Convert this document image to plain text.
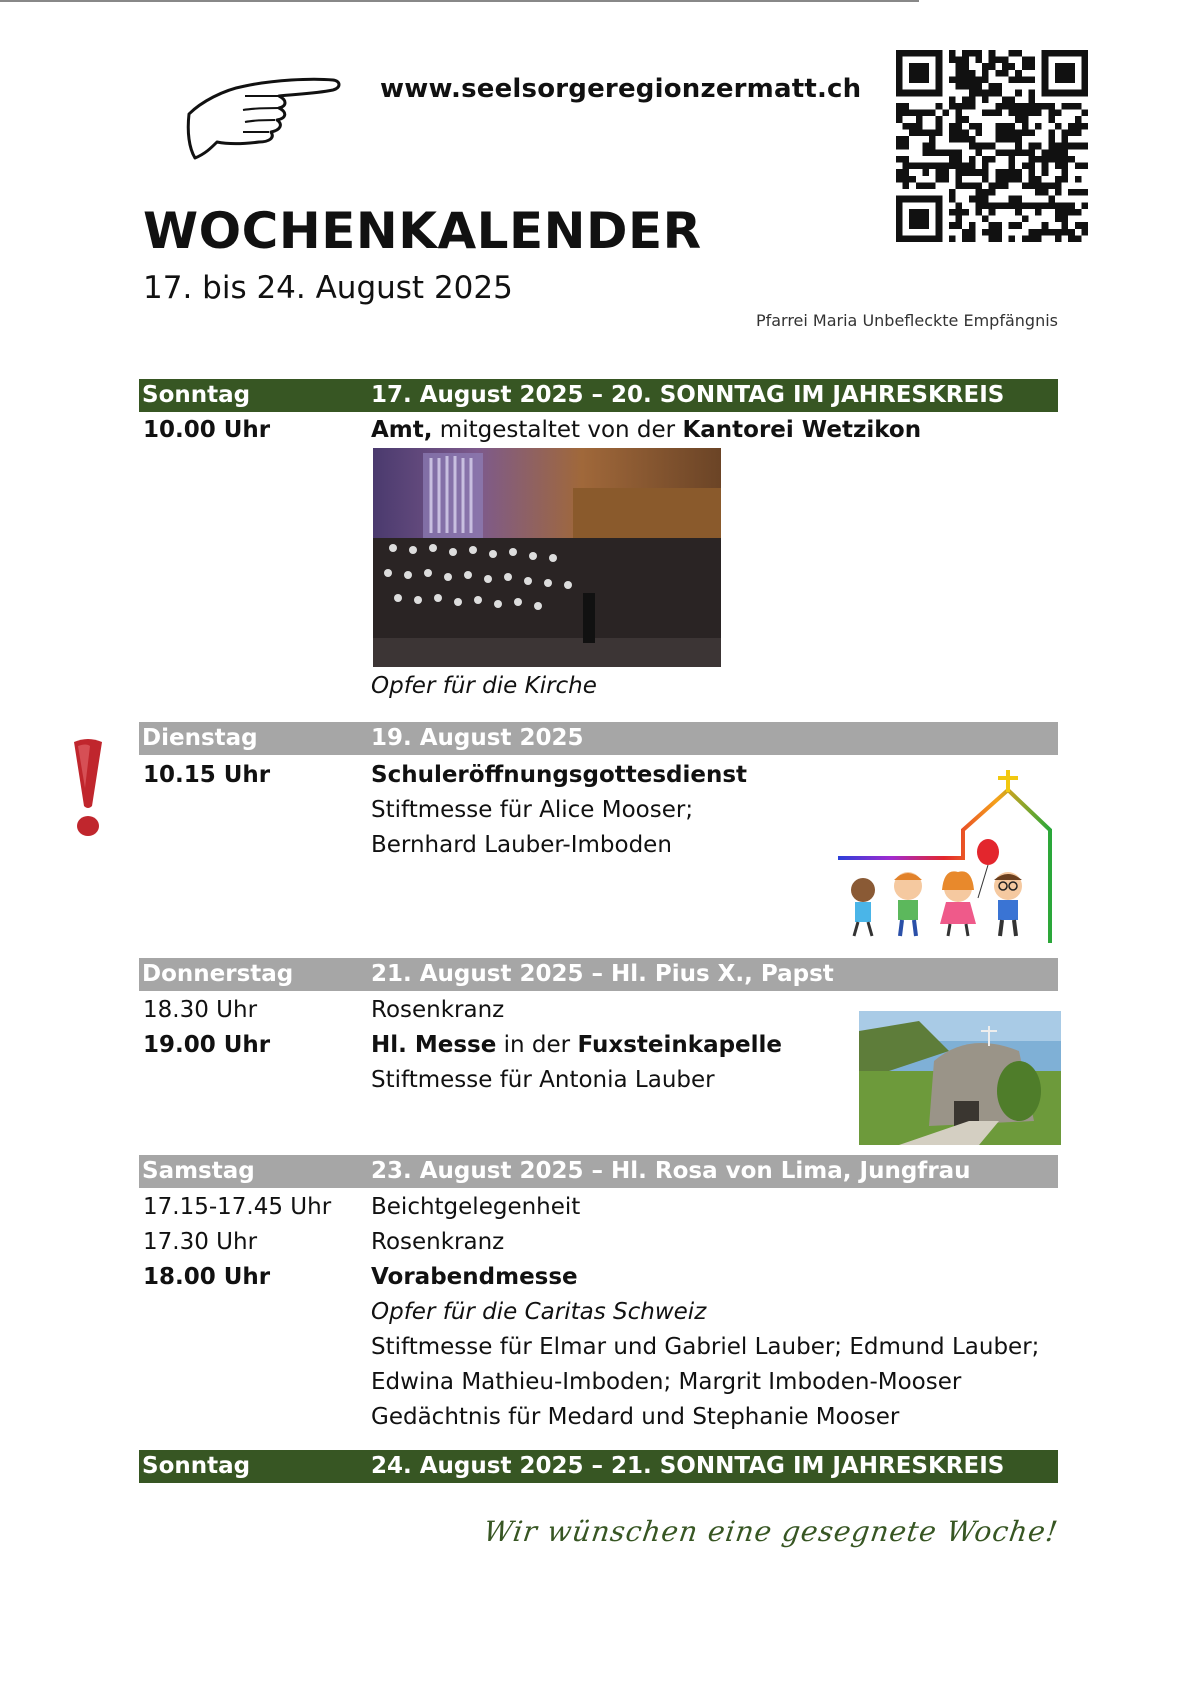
www.seelsorgeregionzermatt.ch
WOCHENKALENDER
17. bis 24. August 2025
Pfarrei Maria Unbefleckte Empfängnis
Sonntag	17. August 2025 – 20. SONNTAG IM JAHRESKREIS
10.00 Uhr	Amt, mitgestaltet von der Kantorei Wetzikon
Opfer für die Kirche
Dienstag	19. August 2025
10.15 Uhr	Schuleröffnungsgottesdienst
Stiftmesse für Alice Mooser;
Bernhard Lauber-Imboden
Donnerstag	21. August 2025 – Hl. Pius X., Papst
18.30 Uhr	Rosenkranz
19.00 Uhr	Hl. Messe in der Fuxsteinkapelle
Stiftmesse für Antonia Lauber
Samstag	23. August 2025 – Hl. Rosa von Lima, Jungfrau
17.15-17.45 Uhr Beichtgelegenheit
17.30 Uhr	Rosenkranz
18.00 Uhr	Vorabendmesse
Opfer für die Caritas Schweiz
Stiftmesse für Elmar und Gabriel Lauber; Edmund Lauber;
Edwina Mathieu-Imboden; Margrit Imboden-Mooser
Gedächtnis für Medard und Stephanie Mooser
Sonntag	24. August 2025 – 21. SONNTAG IM JAHRESKREIS
Wir wünschen eine gesegnete Woche!
